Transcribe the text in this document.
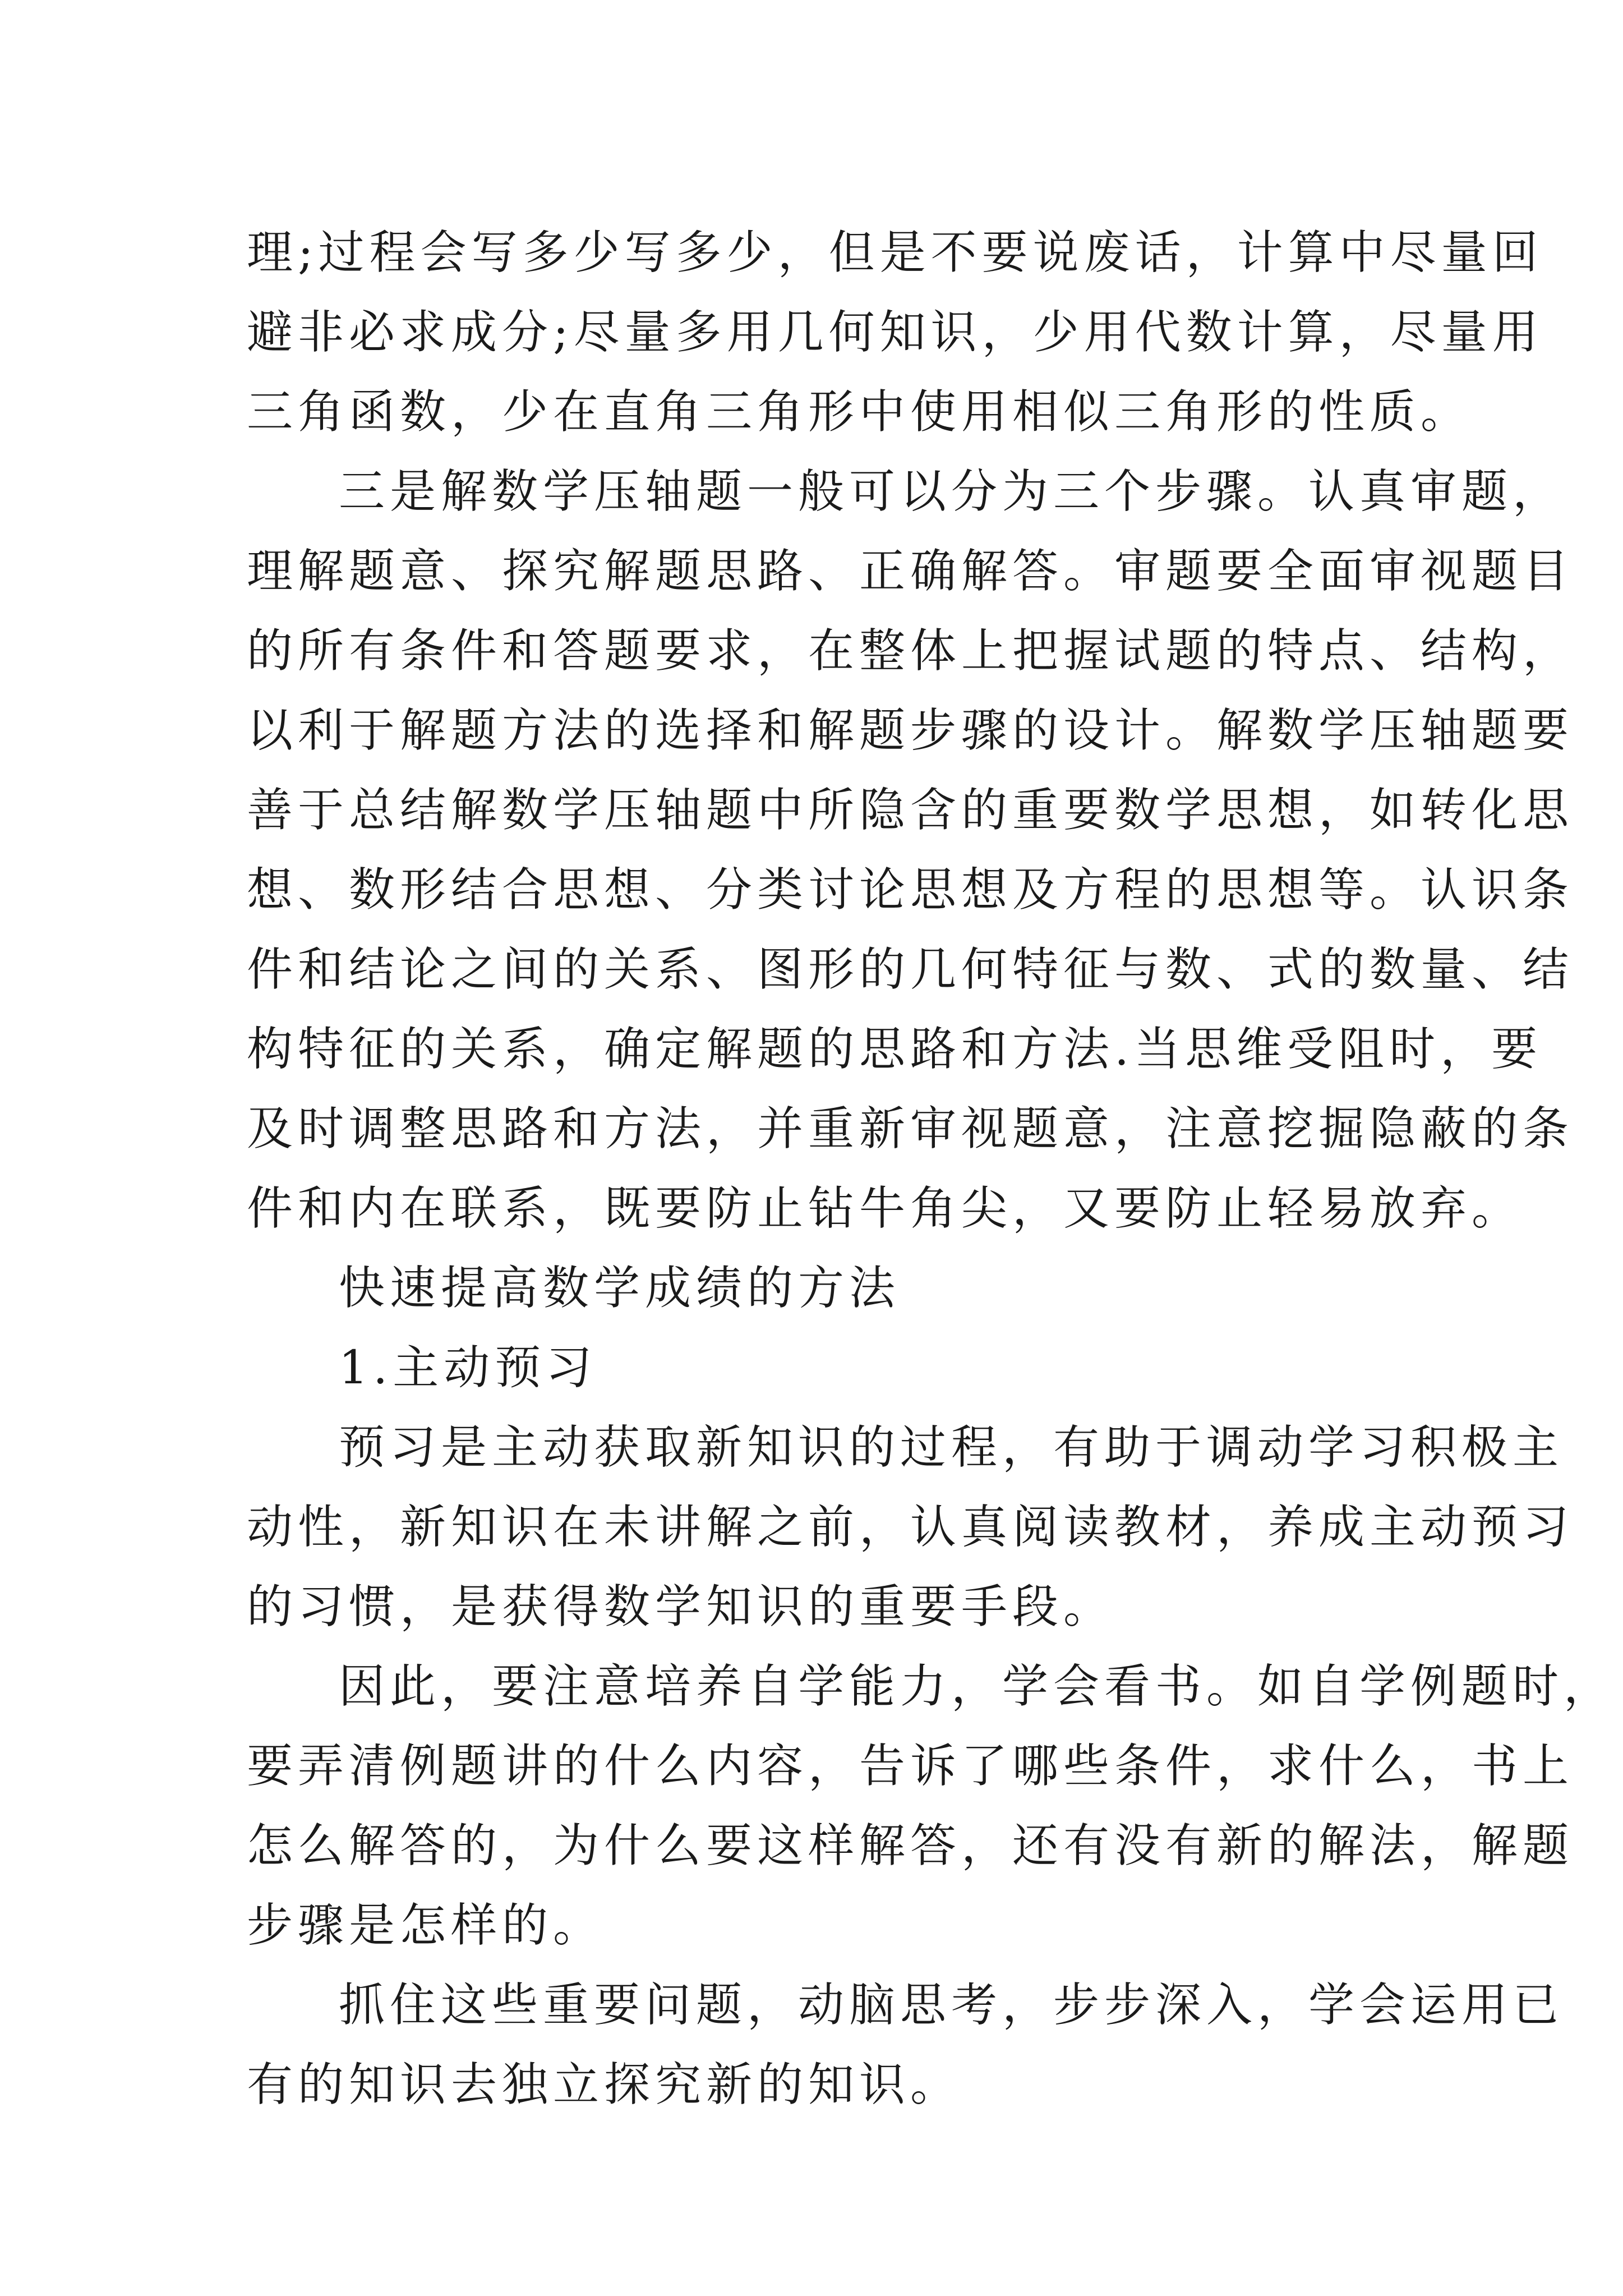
理;过程会写多少写多少，但是不要说废话，计算中尽量回
避非必求成分;尽量多用几何知识，少用代数计算，尽量用
三角函数，少在直角三角形中使用相似三角形的性质。
三是解数学压轴题一般可以分为三个步骤。认真审题，
理解题意、探究解题思路、正确解答。审题要全面审视题目
的所有条件和答题要求，在整体上把握试题的特点、结构，
以利于解题方法的选择和解题步骤的设计。解数学压轴题要
善于总结解数学压轴题中所隐含的重要数学思想，如转化思
想、数形结合思想、分类讨论思想及方程的思想等。认识条
件和结论之间的关系、图形的几何特征与数、式的数量、结
构特征的关系，确定解题的思路和方法.当思维受阻时，要
及时调整思路和方法，并重新审视题意，注意挖掘隐蔽的条
件和内在联系，既要防止钻牛角尖，又要防止轻易放弃。
快速提高数学成绩的方法
1.主动预习
预习是主动获取新知识的过程，有助于调动学习积极主
动性，新知识在未讲解之前，认真阅读教材，养成主动预习
的习惯，是获得数学知识的重要手段。
因此，要注意培养自学能力，学会看书。如自学例题时，
要弄清例题讲的什么内容，告诉了哪些条件，求什么，书上
怎么解答的，为什么要这样解答，还有没有新的解法，解题
步骤是怎样的。
抓住这些重要问题，动脑思考，步步深入，学会运用已
有的知识去独立探究新的知识。
